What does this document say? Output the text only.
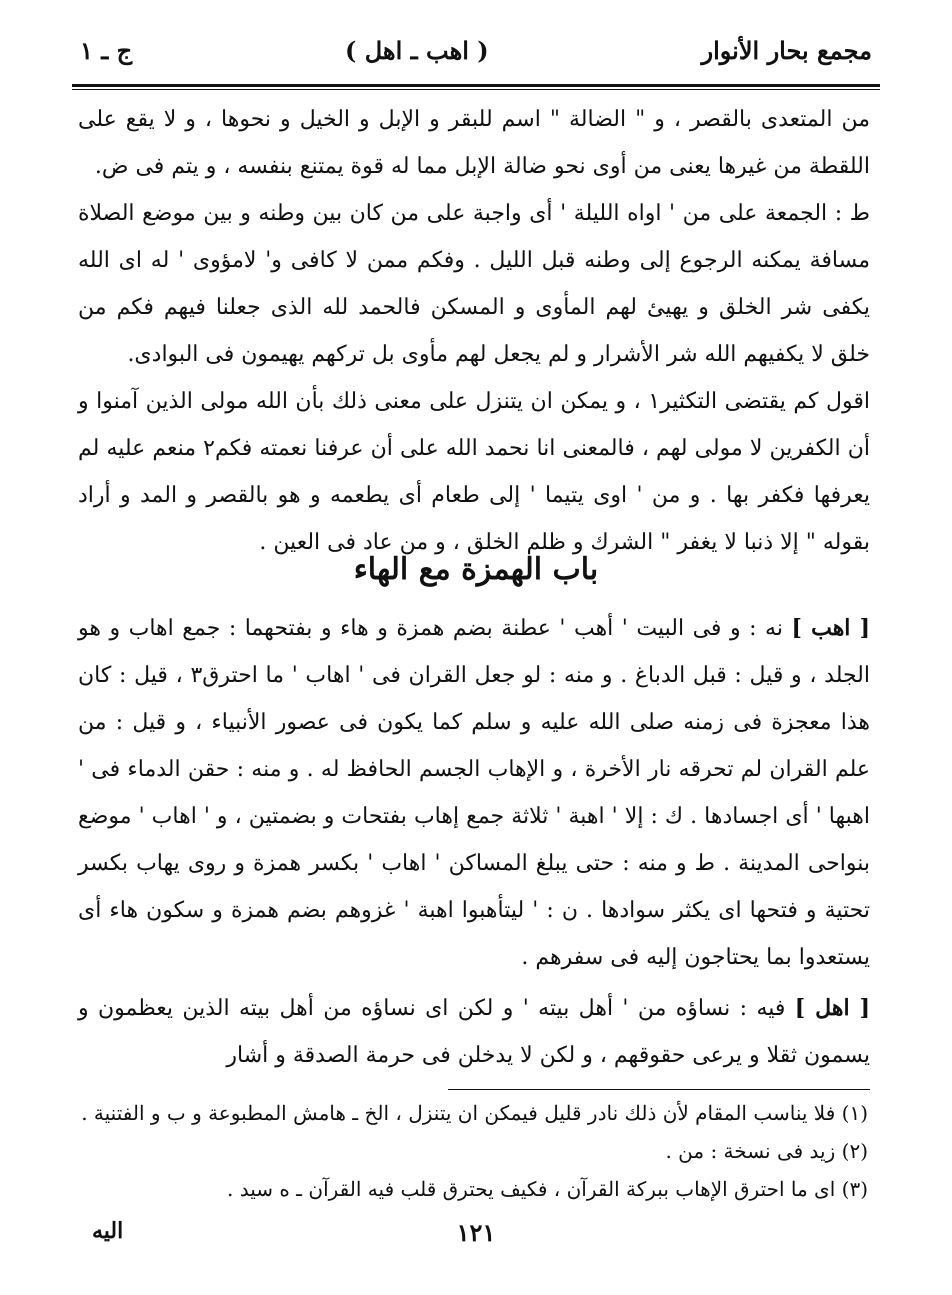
مجمع بحار الأنوار
( اهب ـ اهل )
ج ـ ١

من المتعدى بالقصر ، و " الضالة " اسم للبقر و الإبل و الخيل و نحوها ، و لا يقع على اللقطة من غيرها يعنى من أوى نحو ضالة الإبل مما له قوة يمتنع بنفسه ، و يتم فى ض.

ط : الجمعة على من ' اواه الليلة ' أى واجبة على من كان بين وطنه و بين موضع الصلاة مسافة يمكنه الرجوع إلى وطنه قبل الليل . وفكم ممن لا كافى و' لامؤوى ' له اى الله يكفى شر الخلق و يهيئ لهم المأوى و المسكن فالحمد لله الذى جعلنا فيهم فكم من خلق لا يكفيهم الله شر الأشرار و لم يجعل لهم مأوى بل تركهم يهيمون فى البوادى.

اقول كم يقتضى التكثير١ ، و يمكن ان يتنزل على معنى ذلك بأن الله مولى الذين آمنوا و أن الكفرين لا مولى لهم ، فالمعنى انا نحمد الله على أن عرفنا نعمته فكم٢ منعم عليه لم يعرفها فكفر بها . و من ' اوى يتيما ' إلى طعام أى يطعمه و هو بالقصر و المد و أراد بقوله " إلا ذنبا لا يغفر " الشرك و ظلم الخلق ، و من عاد فى العين .

باب الهمزة مع الهاء

[ اهب ] نه : و فى البيت ' أهب ' عطنة بضم همزة و هاء و بفتحهما : جمع اهاب و هو الجلد ، و قيل : قبل الدباغ . و منه : لو جعل القران فى ' اهاب ' ما احترق٣ ، قيل : كان هذا معجزة فى زمنه صلى الله عليه و سلم كما يكون فى عصور الأنبياء ، و قيل : من علم القران لم تحرقه نار الأخرة ، و الإهاب الجسم الحافظ له . و منه : حقن الدماء فى ' اهبها ' أى اجسادها . ك : إلا ' اهبة ' ثلاثة جمع إهاب بفتحات و بضمتين ، و ' اهاب ' موضع بنواحى المدينة . ط و منه : حتى يبلغ المساكن ' اهاب ' بكسر همزة و روى يهاب بكسر تحتية و فتحها اى يكثر سوادها . ن : ' ليتأهبوا اهبة ' غزوهم بضم همزة و سكون هاء أى يستعدوا بما يحتاجون إليه فى سفرهم .

[ اهل ] فيه : نساؤه من ' أهل بيته ' و لكن اى نساؤه من أهل بيته الذين يعظمون و يسمون ثقلا و يرعى حقوقهم ، و لكن لا يدخلن فى حرمة الصدقة و أشار

(١) فلا يناسب المقام لأن ذلك نادر قليل فيمكن ان يتنزل ، الخ ـ هامش المطبوعة و ب و الفتنية .

(٢) زيد فى نسخة : من .

(٣) اى ما احترق الإهاب ببركة القرآن ، فكيف يحترق قلب فيه القرآن ـ ه سيد .

١٢١
اليه
